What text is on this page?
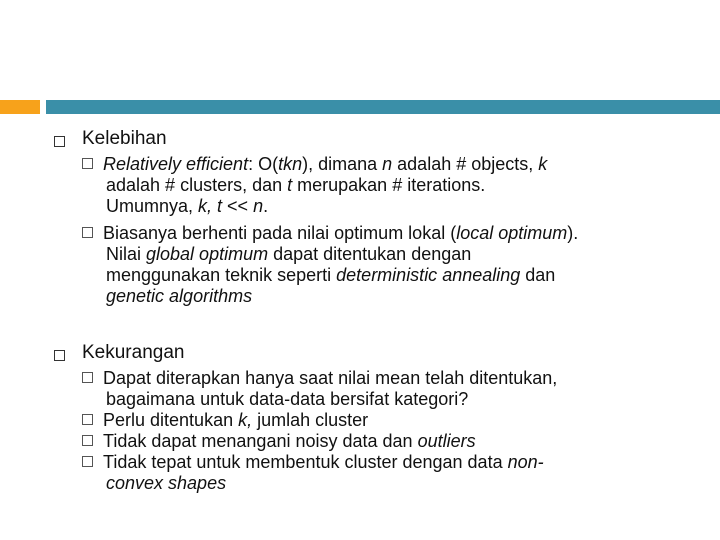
Kelebihan
Relatively efficient: O(tkn), dimana n adalah # objects, k
adalah # clusters, dan t merupakan # iterations.
Umumnya, k, t << n.
Biasanya berhenti pada nilai optimum lokal (local optimum).
Nilai global optimum dapat ditentukan dengan
menggunakan teknik seperti deterministic annealing dan
genetic algorithms
Kekurangan
Dapat diterapkan hanya saat nilai mean telah ditentukan,
bagaimana untuk data-data bersifat kategori?
Perlu ditentukan k, jumlah cluster
Tidak dapat menangani noisy data dan outliers
Tidak tepat untuk membentuk cluster dengan data non-
convex shapes
